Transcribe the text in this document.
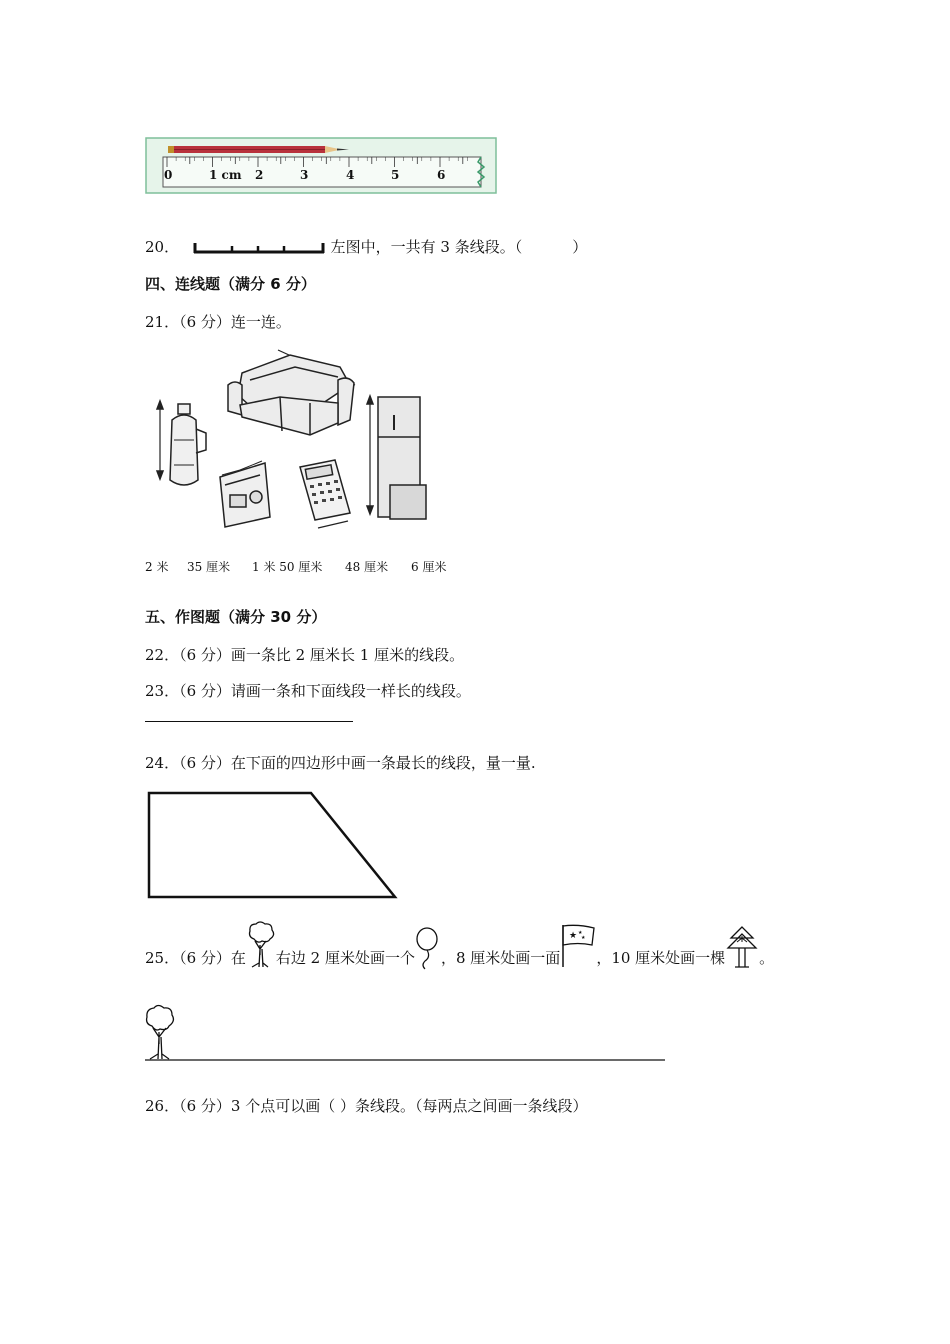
0	1 cm 2	3	4	5	6
20．	左图中，一共有 3 条线段。（	）
四、连线题（满分 6 分）
21．（6 分）连一连。
2 米 35 厘米 1 米 50 厘米 48 厘米 6 厘米
五、作图题（满分 30 分）
22．（6 分）画一条比 2 厘米长 1 厘米的线段。
23．（6 分）请画一条和下面线段一样长的线段。
24．（6 分）在下面的四边形中画一条最长的线段，量一量.
25．（6 分）在 右边 2 厘米处画一个 ，8 厘米处画一面
★ ★
★
，10 厘米处画一棵 。
26．（6 分）3 个点可以画（ ）条线段。（每两点之间画一条线段）
